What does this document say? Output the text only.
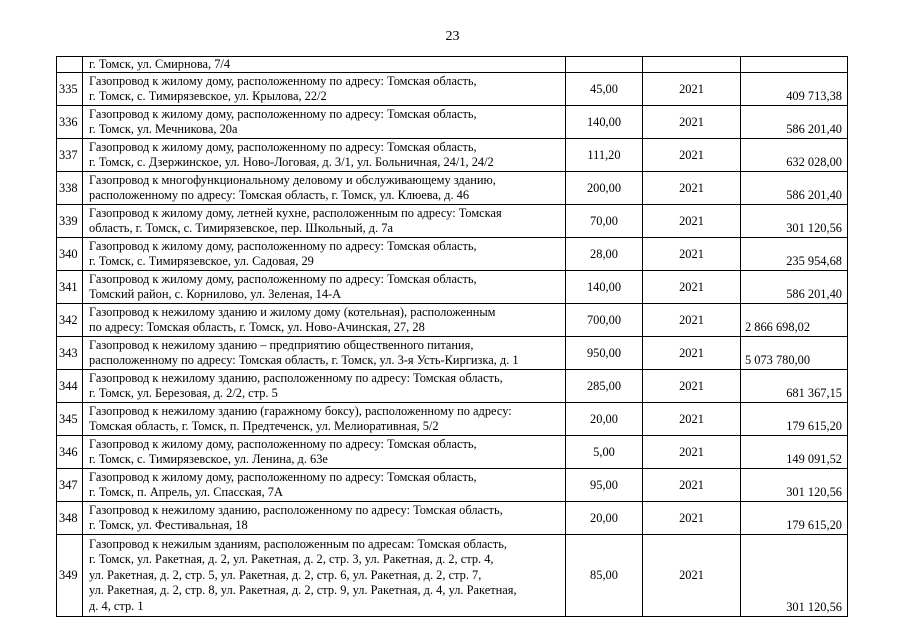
23
	г. Томск, ул. Смирнова, 7/4			
335	Газопровод к жилому дому, расположенному по адресу: Томская область,
г. Томск, с. Тимирязевское, ул. Крылова, 22/2	45,00	2021	409 713,38

336	Газопровод к жилому дому, расположенному по адресу: Томская область,
г. Томск, ул. Мечникова, 20а	140,00	2021	586 201,40

337	Газопровод к жилому дому, расположенному по адресу: Томская область,
г. Томск, с. Дзержинское, ул. Ново-Логовая, д. 3/1, ул. Больничная, 24/1, 24/2	111,20	2021	632 028,00

338	Газопровод к многофункциональному деловому и обслуживающему зданию,
расположенному по адресу: Томская область, г. Томск, ул. Клюева, д. 46	200,00	2021	586 201,40

339	Газопровод к жилому дому, летней кухне, расположенным по адресу: Томская
область, г. Томск, с. Тимирязевское, пер. Школьный, д. 7а	70,00	2021	301 120,56

340	Газопровод к жилому дому, расположенному по адресу: Томская область,
г. Томск, с. Тимирязевское, ул. Садовая, 29	28,00	2021	235 954,68

341	Газопровод к жилому дому, расположенному по адресу: Томская область,
Томский район, с. Корнилово, ул. Зеленая, 14-А	140,00	2021	586 201,40

342	Газопровод к нежилому зданию и жилому дому (котельная), расположенным
по адресу: Томская область, г. Томск, ул. Ново-Ачинская, 27, 28	700,00	2021	2 866 698,02

343	Газопровод к нежилому зданию – предприятию общественного питания,
расположенному по адресу: Томская область, г. Томск, ул. 3-я Усть-Киргизка, д. 1	950,00	2021	5 073 780,00

344	Газопровод к нежилому зданию, расположенному по адресу: Томская область,
г. Томск, ул. Березовая, д. 2/2, стр. 5	285,00	2021	681 367,15

345	Газопровод к нежилому зданию (гаражному боксу), расположенному по адресу:
Томская область, г. Томск, п. Предтеченск, ул. Мелиоративная, 5/2	20,00	2021	179 615,20

346	Газопровод к жилому дому, расположенному по адресу: Томская область,
г. Томск, с. Тимирязевское, ул. Ленина, д. 63е	5,00	2021	149 091,52

347	Газопровод к жилому дому, расположенному по адресу: Томская область,
г. Томск, п. Апрель, ул. Спасская, 7А	95,00	2021	301 120,56

348	Газопровод к нежилому зданию, расположенному по адресу: Томская область,
г. Томск, ул. Фестивальная, 18	20,00	2021	179 615,20

349	Газопровод к нежилым зданиям, расположенным по адресам: Томская область,
г. Томск, ул. Ракетная, д. 2, ул. Ракетная, д. 2, стр. 3, ул. Ракетная, д. 2, стр. 4,
ул. Ракетная, д. 2, стр. 5, ул. Ракетная, д. 2, стр. 6, ул. Ракетная, д. 2, стр. 7,
ул. Ракетная, д. 2, стр. 8, ул. Ракетная, д. 2, стр. 9, ул. Ракетная, д. 4, ул. Ракетная,
д. 4, стр. 1	85,00	2021	301 120,56
